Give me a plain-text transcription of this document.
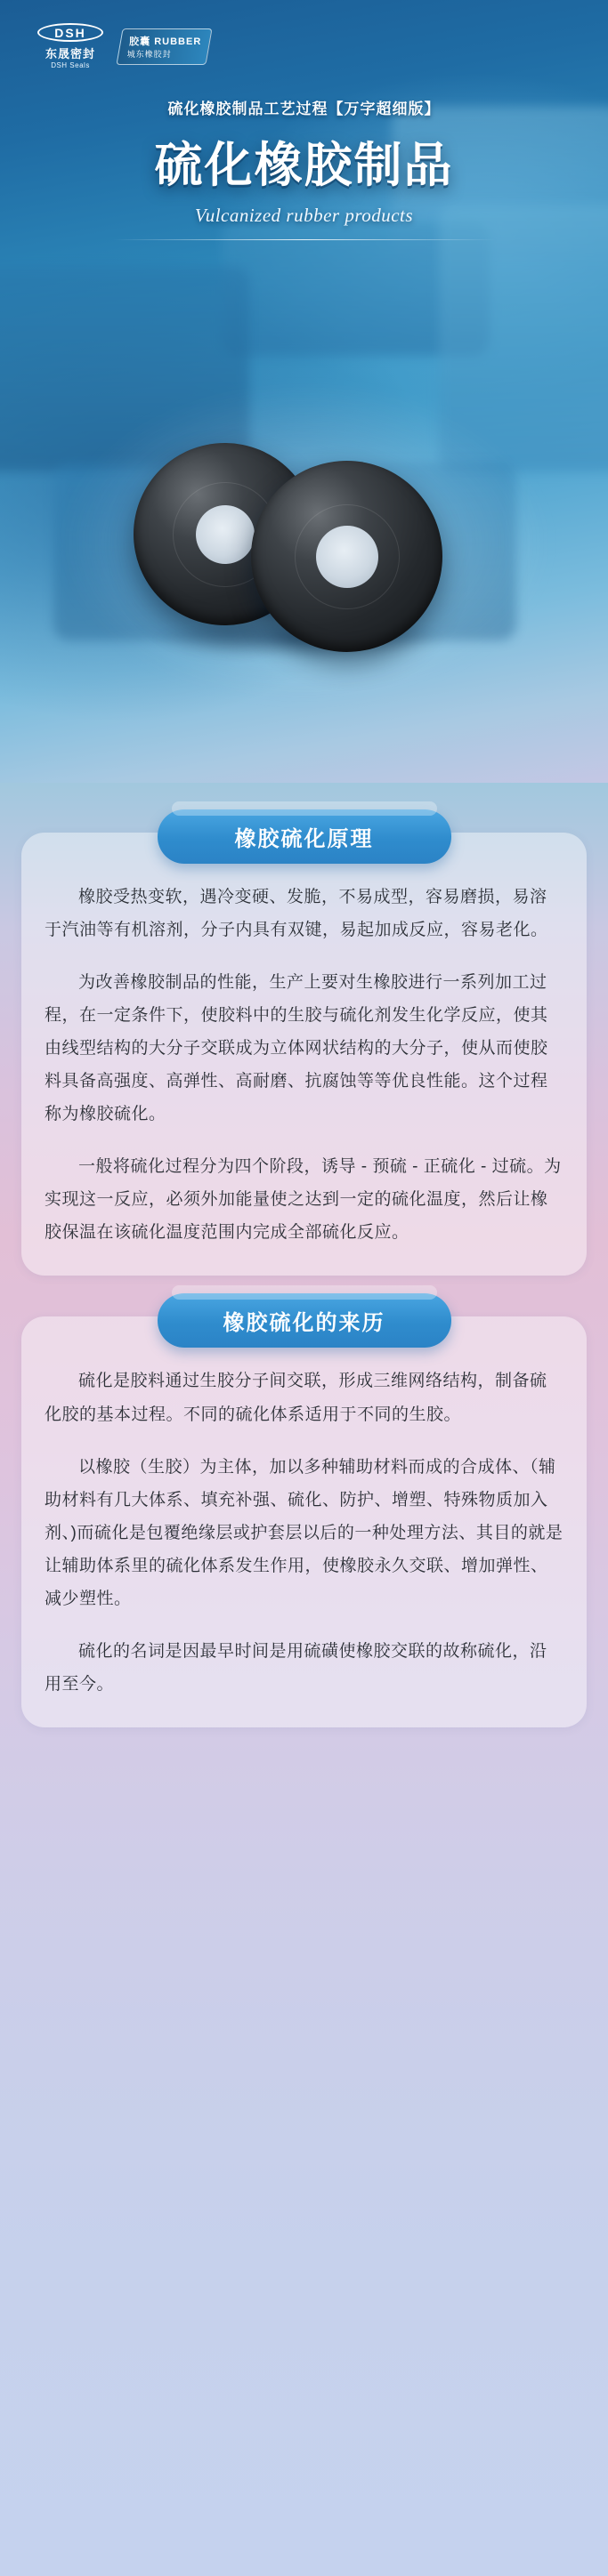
DSH
东晟密封
DSH Seals
胶囊 RUBBER
城东橡胶封
硫化橡胶制品工艺过程【万字超细版】
硫化橡胶制品
Vulcanized rubber products
橡胶硫化原理

橡胶受热变软，遇冷变硬、发脆，不易成型，容易磨损，易溶于汽油等有机溶剂，分子内具有双键，易起加成反应，容易老化。

为改善橡胶制品的性能，生产上要对生橡胶进行一系列加工过程，在一定条件下，使胶料中的生胶与硫化剂发生化学反应，使其由线型结构的大分子交联成为立体网状结构的大分子，使从而使胶料具备高强度、高弹性、高耐磨、抗腐蚀等等优良性能。这个过程称为橡胶硫化。

一般将硫化过程分为四个阶段，诱导 - 预硫 - 正硫化 - 过硫。为实现这一反应，必须外加能量使之达到一定的硫化温度，然后让橡胶保温在该硫化温度范围内完成全部硫化反应。

橡胶硫化的来历

硫化是胶料通过生胶分子间交联，形成三维网络结构，制备硫化胶的基本过程。不同的硫化体系适用于不同的生胶。

以橡胶（生胶）为主体，加以多种辅助材料而成的合成体、（辅助材料有几大体系、填充补强、硫化、防护、增塑、特殊物质加入剂、)而硫化是包覆绝缘层或护套层以后的一种处理方法、其目的就是让辅助体系里的硫化体系发生作用，使橡胶永久交联、增加弹性、减少塑性。

硫化的名词是因最早时间是用硫磺使橡胶交联的故称硫化，沿用至今。
